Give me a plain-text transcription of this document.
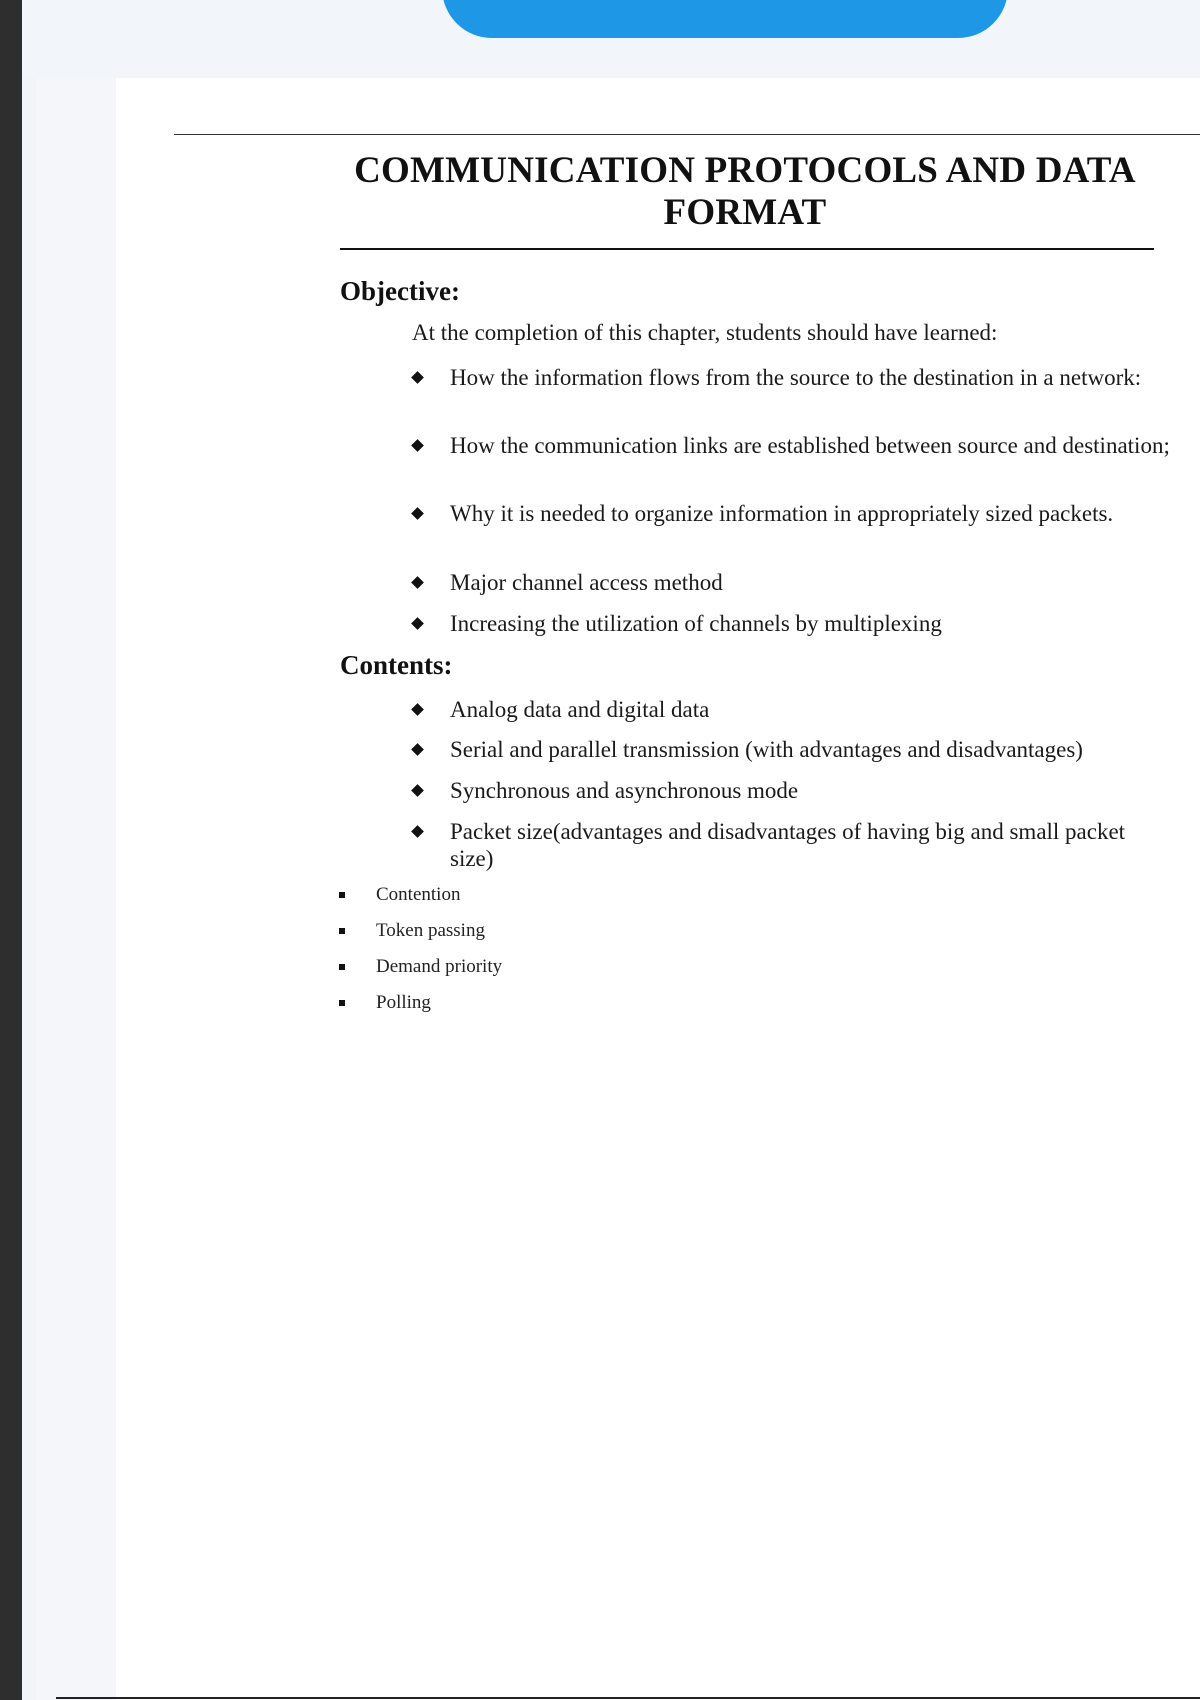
COMMUNICATION PROTOCOLS AND DATA FORMAT
Objective:
At the completion of this chapter, students should have learned:
How the information flows from the source to the destination in a network:
How the communication links are established between source and destination;
Why it is needed to organize information in appropriately sized packets.
Major channel access method
Increasing the utilization of channels by multiplexing
Contents:
Analog data and digital data
Serial and parallel transmission (with advantages and disadvantages)
Synchronous and asynchronous mode
Packet size(advantages and disadvantages of having big and small packet size)
Contention
Token passing
Demand priority
Polling
